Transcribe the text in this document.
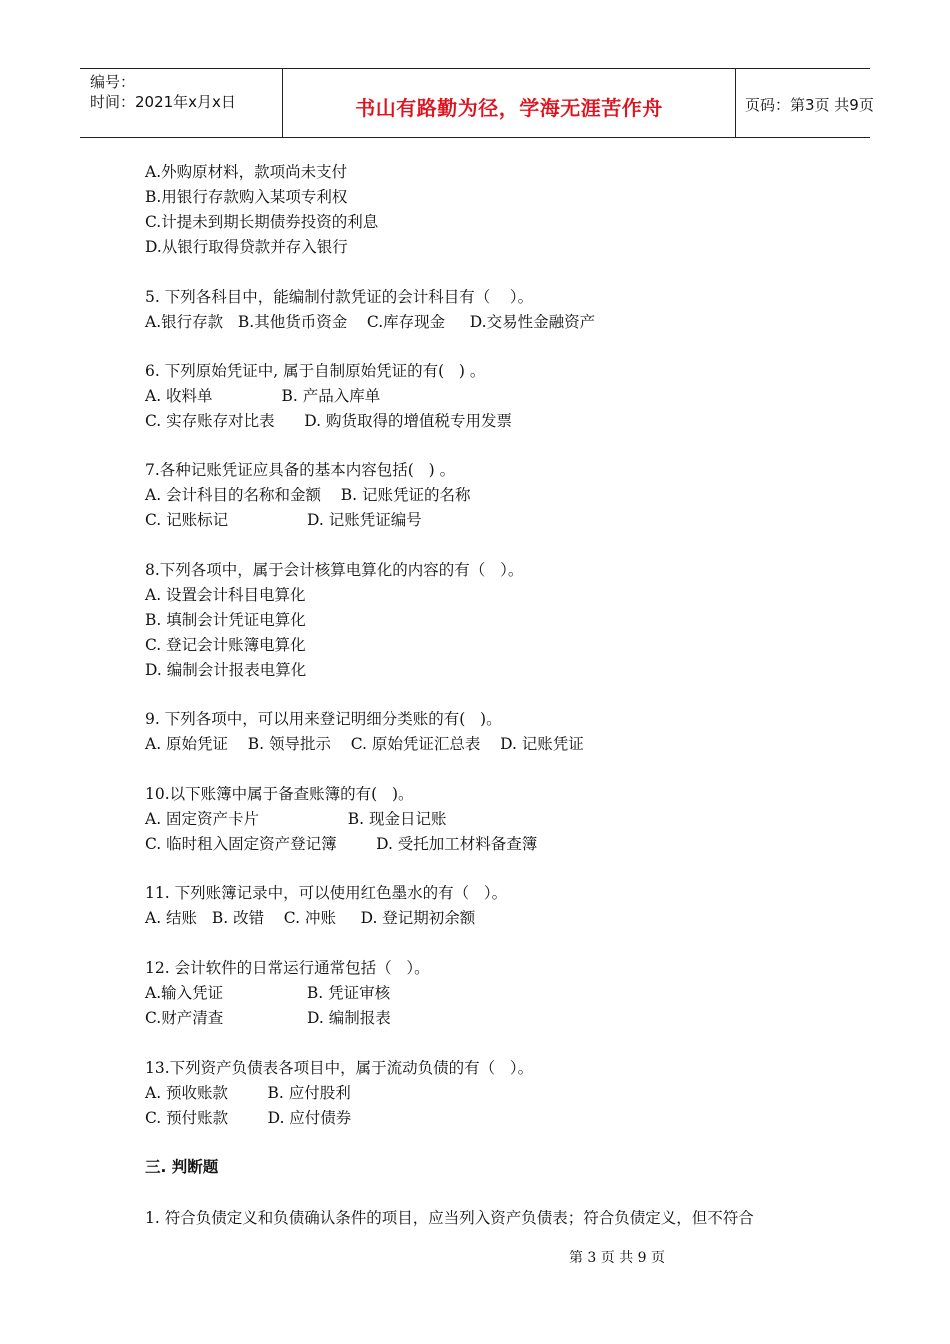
编号：
时间：2021年x月x日	书山有路勤为径，学海无涯苦作舟	页码：第3页 共9页
A.外购原材料，款项尚未支付
B.用银行存款购入某项专利权
C.计提未到期长期债券投资的利息
D.从银行取得贷款并存入银行
5. 下列各科目中，能编制付款凭证的会计科目有（    ）。
A.银行存款   B.其他货币资金    C.库存现金     D.交易性金融资产
6. 下列原始凭证中, 属于自制原始凭证的有(   ) 。
A. 收料单              B. 产品入库单
C. 实存账存对比表      D. 购货取得的增值税专用发票
7.各种记账凭证应具备的基本内容包括(   ) 。
A. 会计科目的名称和金额    B. 记账凭证的名称
C. 记账标记                D. 记账凭证编号
8.下列各项中，属于会计核算电算化的内容的有（   ）。
A. 设置会计科目电算化
B. 填制会计凭证电算化
C. 登记会计账簿电算化
D. 编制会计报表电算化
9. 下列各项中，可以用来登记明细分类账的有(   )。
A. 原始凭证    B. 领导批示    C. 原始凭证汇总表    D. 记账凭证
10.以下账簿中属于备查账簿的有(   )。
A. 固定资产卡片                  B. 现金日记账
C. 临时租入固定资产登记簿        D. 受托加工材料备查簿
11. 下列账簿记录中，可以使用红色墨水的有（   ）。
A. 结账   B. 改错    C. 冲账     D. 登记期初余额
12. 会计软件的日常运行通常包括（   ）。
A.输入凭证                 B. 凭证审核
C.财产清查                 D. 编制报表
13.下列资产负债表各项目中，属于流动负债的有（   ）。
A. 预收账款        B. 应付股利
C. 预付账款        D. 应付债券
三. 判断题
1. 符合负债定义和负债确认条件的项目，应当列入资产负债表；符合负债定义，但不符合
第 3 页 共 9 页
